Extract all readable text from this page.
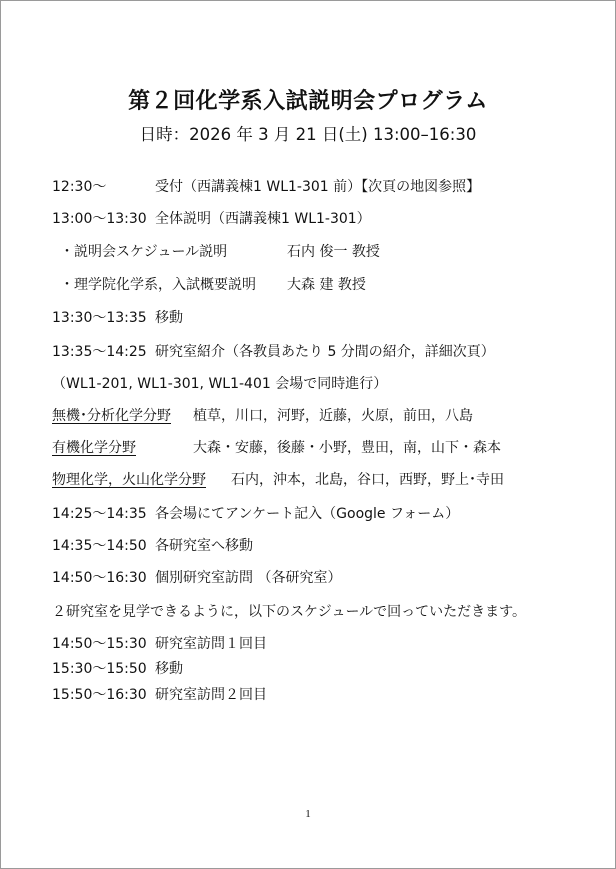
第２回化学系入試説明会プログラム
日時：2026 年 3 月 21 日(土) 13:00–16:30
12:30〜	受付（西講義棟1 WL1-301 前）【次頁の地図参照】
13:00〜13:30 全体説明（西講義棟1 WL1-301）
・説明会スケジュール説明	石内 俊一 教授
・理学院化学系，入試概要説明 大森 建 教授
13:30〜13:35 移動
13:35〜14:25 研究室紹介（各教員あたり 5 分間の紹介，詳細次頁）
（WL1-201, WL1-301, WL1-401 会場で同時進行）
無機･分析化学分野 植草，川口，河野，近藤，火原，前田，八島
有機化学分野	大森・安藤，後藤・小野，豊田，南，山下・森本
物理化学，火山化学分野 石内，沖本，北島，谷口，西野，野上･寺田
14:25〜14:35 各会場にてアンケート記入（Google フォーム）
14:35〜14:50 各研究室へ移動
14:50〜16:30 個別研究室訪問 （各研究室）
２研究室を見学できるように，以下のスケジュールで回っていただきます。
14:50〜15:30 研究室訪問１回目
15:30〜15:50 移動
15:50〜16:30 研究室訪問２回目
1
